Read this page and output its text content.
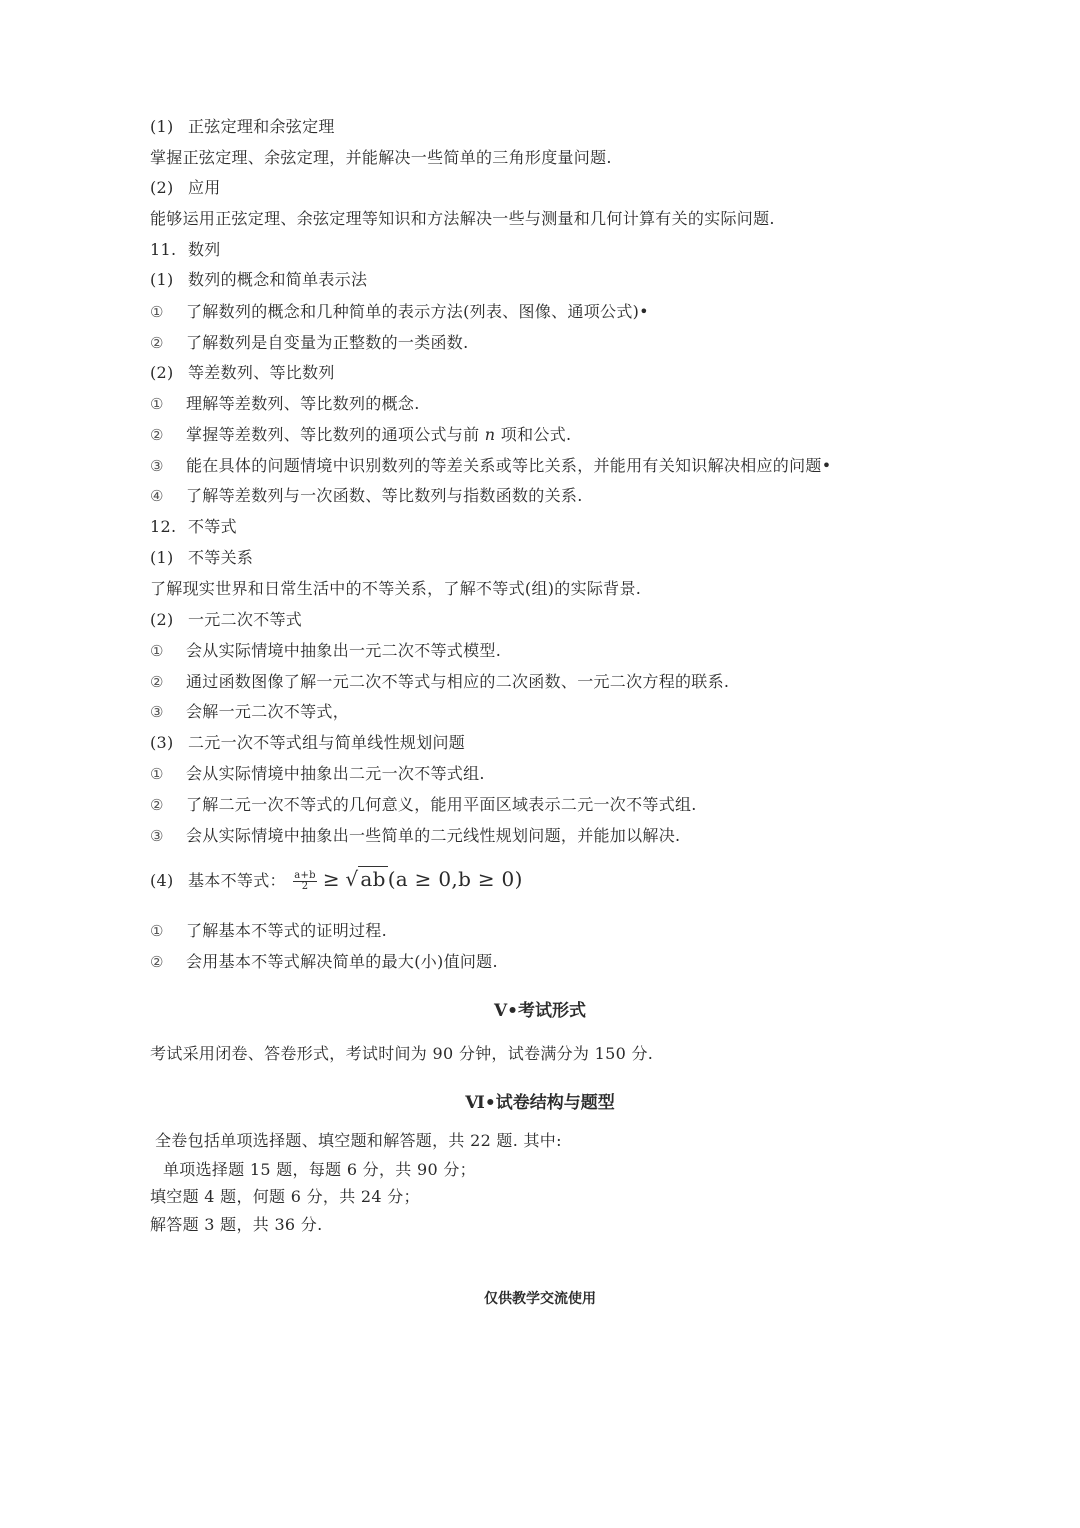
(1) 正弦定理和余弦定理
掌握正弦定理、余弦定理，并能解决一些简单的三角形度量问题.
(2) 应用
能够运用正弦定理、余弦定理等知识和方法解决一些与测量和几何计算有关的实际问题.
11. 数列
(1) 数列的概念和简单表示法
① 了解数列的概念和几种简单的表示方法(列表、图像、通项公式)•
② 了解数列是自变量为正整数的一类函数.
(2) 等差数列、等比数列
① 理解等差数列、等比数列的概念.
② 掌握等差数列、等比数列的通项公式与前 n 项和公式.
③ 能在具体的问题情境中识别数列的等差关系或等比关系，并能用有关知识解决相应的问题•
④ 了解等差数列与一次函数、等比数列与指数函数的关系.
12. 不等式
(1) 不等关系
了解现实世界和日常生活中的不等关系，了解不等式(组)的实际背景.
(2) 一元二次不等式
① 会从实际情境中抽象出一元二次不等式模型.
② 通过函数图像了解一元二次不等式与相应的二次函数、一元二次方程的联系.
③ 会解一元二次不等式，
(3) 二元一次不等式组与简单线性规划问题
① 会从实际情境中抽象出二元一次不等式组.
② 了解二元一次不等式的几何意义，能用平面区域表示二元一次不等式组.
③ 会从实际情境中抽象出一些简单的二元线性规划问题，并能加以解决.
(4) 基本不等式： $\frac{a+b}{2}$ ≥ √ ab (a ≥ 0,b ≥ 0)
① 了解基本不等式的证明过程.
② 会用基本不等式解决简单的最大(小)值问题.
Ⅴ•考试形式
考试采用闭卷、答卷形式，考试时间为 90 分钟，试卷满分为 150 分.
Ⅵ•试卷结构与题型
全卷包括单项选择题、填空题和解答题，共 22 题. 其中:
单项选择题 15 题，每题 6 分，共 90 分；
填空题 4 题，何题 6 分，共 24 分；
解答题 3 题，共 36 分.
仅供教学交流使用
